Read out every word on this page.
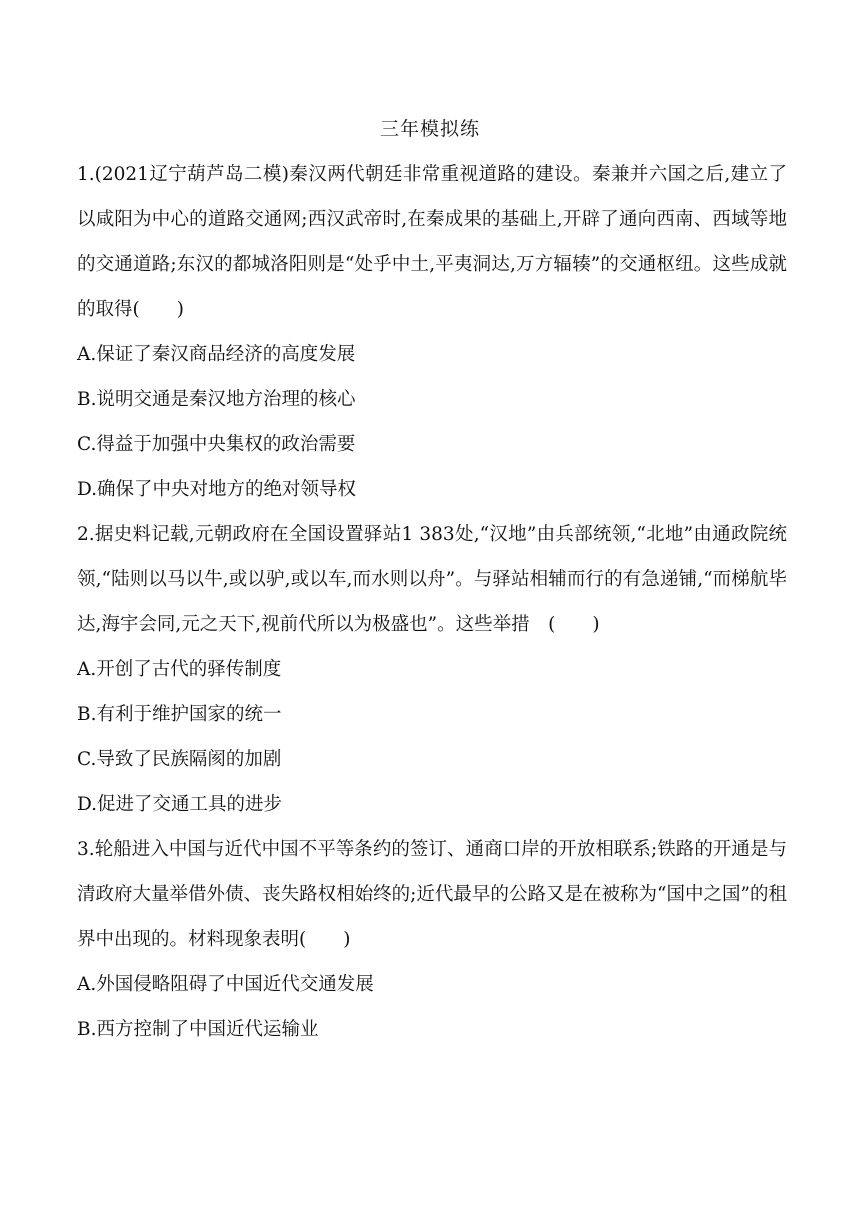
三年模拟练

1.(2021辽宁葫芦岛二模)秦汉两代朝廷非常重视道路的建设。秦兼并六国之后,建立了以咸阳为中心的道路交通网;西汉武帝时,在秦成果的基础上,开辟了通向西南、西域等地的交通道路;东汉的都城洛阳则是“处乎中土,平夷洞达,万方辐辏”的交通枢纽。这些成就的取得(　　)

A.保证了秦汉商品经济的高度发展

B.说明交通是秦汉地方治理的核心

C.得益于加强中央集权的政治需要

D.确保了中央对地方的绝对领导权

2.据史料记载,元朝政府在全国设置驿站1 383处,“汉地”由兵部统领,“北地”由通政院统领,“陆则以马以牛,或以驴,或以车,而水则以舟”。与驿站相辅而行的有急递铺,“而梯航毕达,海宇会同,元之天下,视前代所以为极盛也”。这些举措　(　　)

A.开创了古代的驿传制度

B.有利于维护国家的统一

C.导致了民族隔阂的加剧

D.促进了交通工具的进步

3.轮船进入中国与近代中国不平等条约的签订、通商口岸的开放相联系;铁路的开通是与清政府大量举借外债、丧失路权相始终的;近代最早的公路又是在被称为“国中之国”的租界中出现的。材料现象表明(　　)

A.外国侵略阻碍了中国近代交通发展

B.西方控制了中国近代运输业
